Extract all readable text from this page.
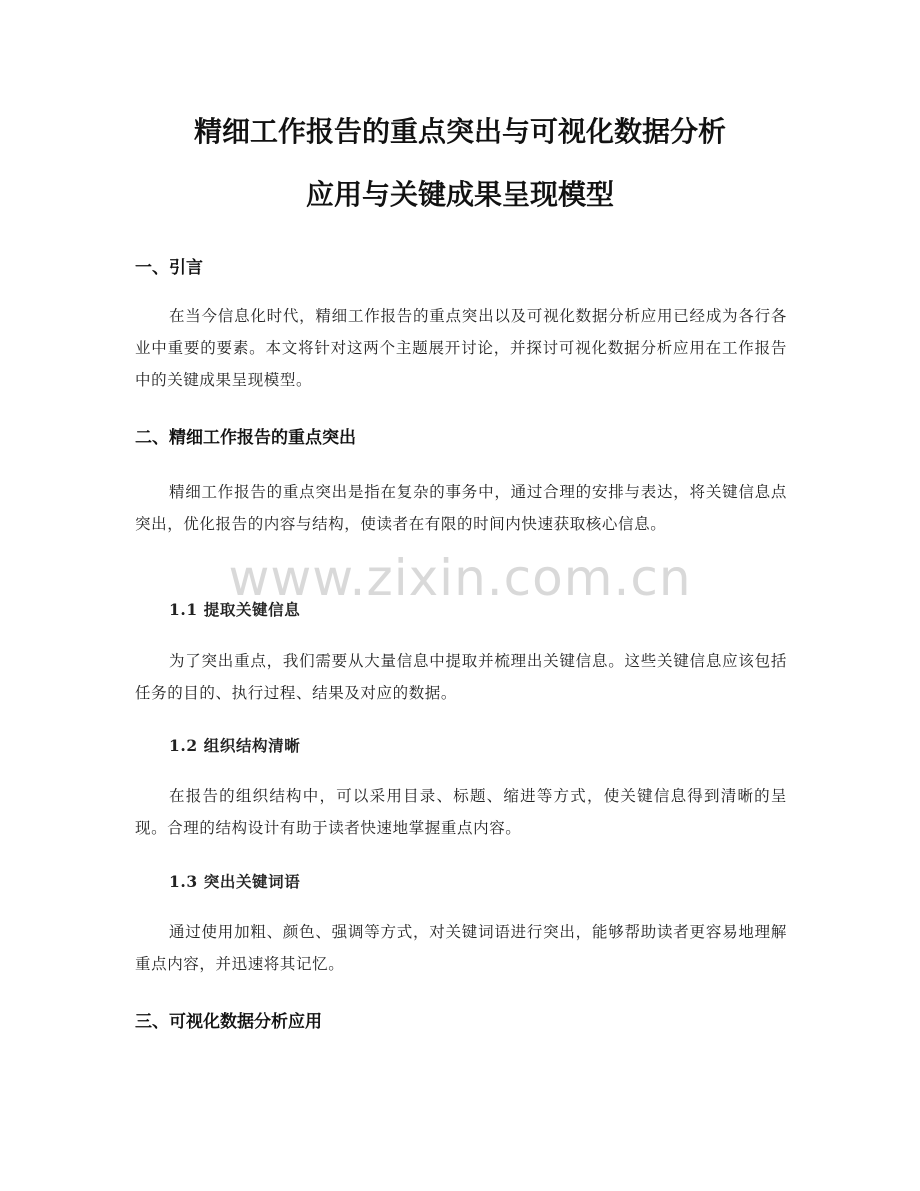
精细工作报告的重点突出与可视化数据分析
应用与关键成果呈现模型
一、引言

在当今信息化时代，精细工作报告的重点突出以及可视化数据分析应用已经成为各行各业中重要的要素。本文将针对这两个主题展开讨论，并探讨可视化数据分析应用在工作报告中的关键成果呈现模型。

二、精细工作报告的重点突出

精细工作报告的重点突出是指在复杂的事务中，通过合理的安排与表达，将关键信息点突出，优化报告的内容与结构，使读者在有限的时间内快速获取核心信息。

www.zixin.com.cn
1.1 提取关键信息

为了突出重点，我们需要从大量信息中提取并梳理出关键信息。这些关键信息应该包括任务的目的、执行过程、结果及对应的数据。

1.2 组织结构清晰

在报告的组织结构中，可以采用目录、标题、缩进等方式，使关键信息得到清晰的呈现。合理的结构设计有助于读者快速地掌握重点内容。

1.3 突出关键词语

通过使用加粗、颜色、强调等方式，对关键词语进行突出，能够帮助读者更容易地理解重点内容，并迅速将其记忆。

三、可视化数据分析应用
